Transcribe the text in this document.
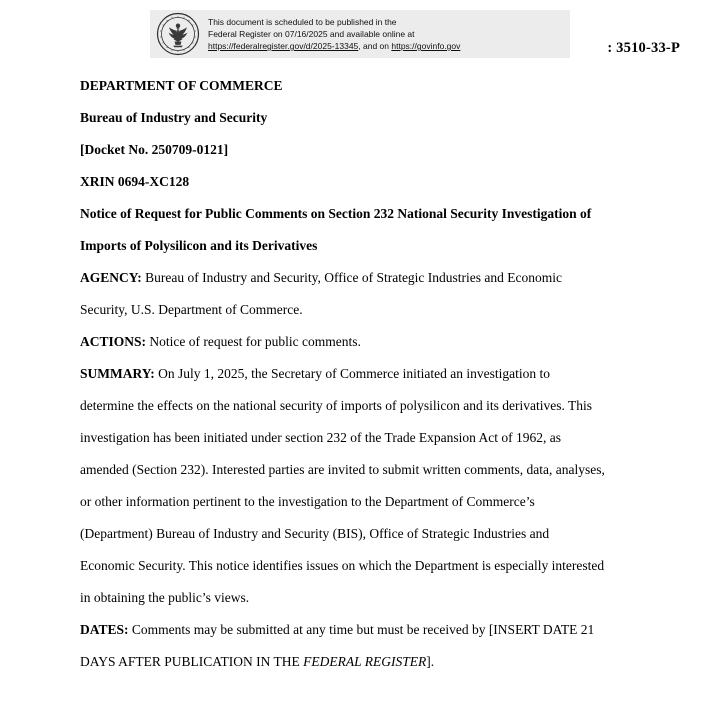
This document is scheduled to be published in the
Federal Register on 07/16/2025 and available online at
https://federalregister.gov/d/2025-13345, and on https://govinfo.gov	: 3510-33-P

DEPARTMENT OF COMMERCE

Bureau of Industry and Security

[Docket No. 250709-0121]

XRIN 0694-XC128

Notice of Request for Public Comments on Section 232 National Security Investigation of

Imports of Polysilicon and its Derivatives

AGENCY: Bureau of Industry and Security, Office of Strategic Industries and Economic

Security, U.S. Department of Commerce.

ACTIONS: Notice of request for public comments.

SUMMARY: On July 1, 2025, the Secretary of Commerce initiated an investigation to

determine the effects on the national security of imports of polysilicon and its derivatives. This

investigation has been initiated under section 232 of the Trade Expansion Act of 1962, as

amended (Section 232). Interested parties are invited to submit written comments, data, analyses,

or other information pertinent to the investigation to the Department of Commerce’s

(Department) Bureau of Industry and Security (BIS), Office of Strategic Industries and

Economic Security. This notice identifies issues on which the Department is especially interested

in obtaining the public’s views.

DATES: Comments may be submitted at any time but must be received by [INSERT DATE 21

DAYS AFTER PUBLICATION IN THE FEDERAL REGISTER].
